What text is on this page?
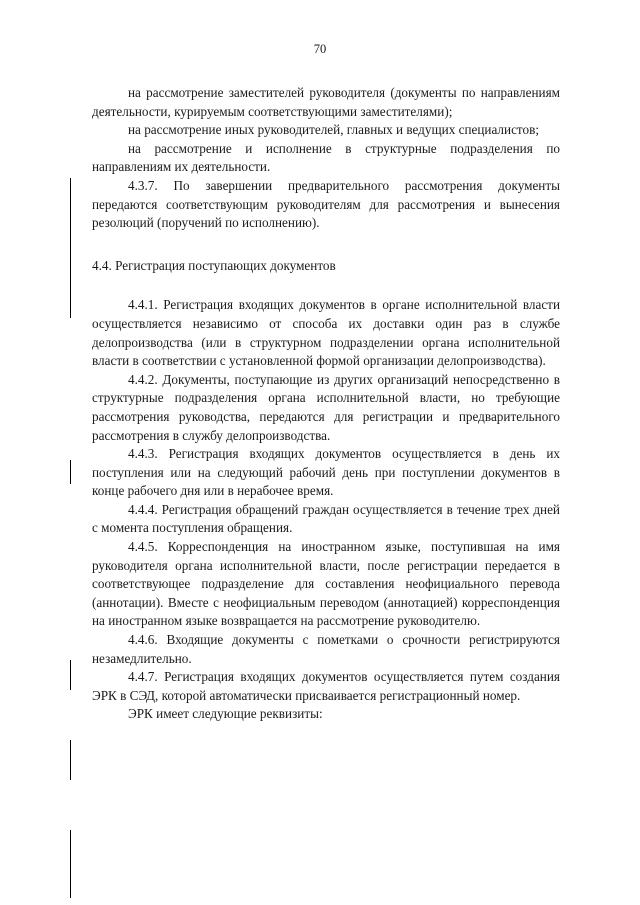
70

на рассмотрение заместителей руководителя (документы по направлениям деятельности, курируемым соответствующими заместителями);

на рассмотрение иных руководителей, главных и ведущих специалистов;

на рассмотрение и исполнение в структурные подразделения по направлениям их деятельности.

4.3.7. По завершении предварительного рассмотрения документы передаются соответствующим руководителям для рассмотрения и вынесения резолюций (поручений по исполнению).

4.4. Регистрация поступающих документов

4.4.1. Регистрация входящих документов в органе исполнительной власти осуществляется независимо от способа их доставки один раз в службе делопроизводства (или в структурном подразделении органа исполнительной власти в соответствии с установленной формой организации делопроизводства).

4.4.2. Документы, поступающие из других организаций непосредственно в структурные подразделения органа исполнительной власти, но требующие рассмотрения руководства, передаются для регистрации и предварительного рассмотрения в службу делопроизводства.

4.4.3. Регистрация входящих документов осуществляется в день их поступления или на следующий рабочий день при поступлении документов в конце рабочего дня или в нерабочее время.

4.4.4. Регистрация обращений граждан осуществляется в течение трех дней с момента поступления обращения.

4.4.5. Корреспонденция на иностранном языке, поступившая на имя руководителя органа исполнительной власти, после регистрации передается в соответствующее подразделение для составления неофициального перевода (аннотации). Вместе с неофициальным переводом (аннотацией) корреспонденция на иностранном языке возвращается на рассмотрение руководителю.

4.4.6. Входящие документы с пометками о срочности регистрируются незамедлительно.

4.4.7. Регистрация входящих документов осуществляется путем создания ЭРК в СЭД, которой автоматически присваивается регистрационный номер.

ЭРК имеет следующие реквизиты:
